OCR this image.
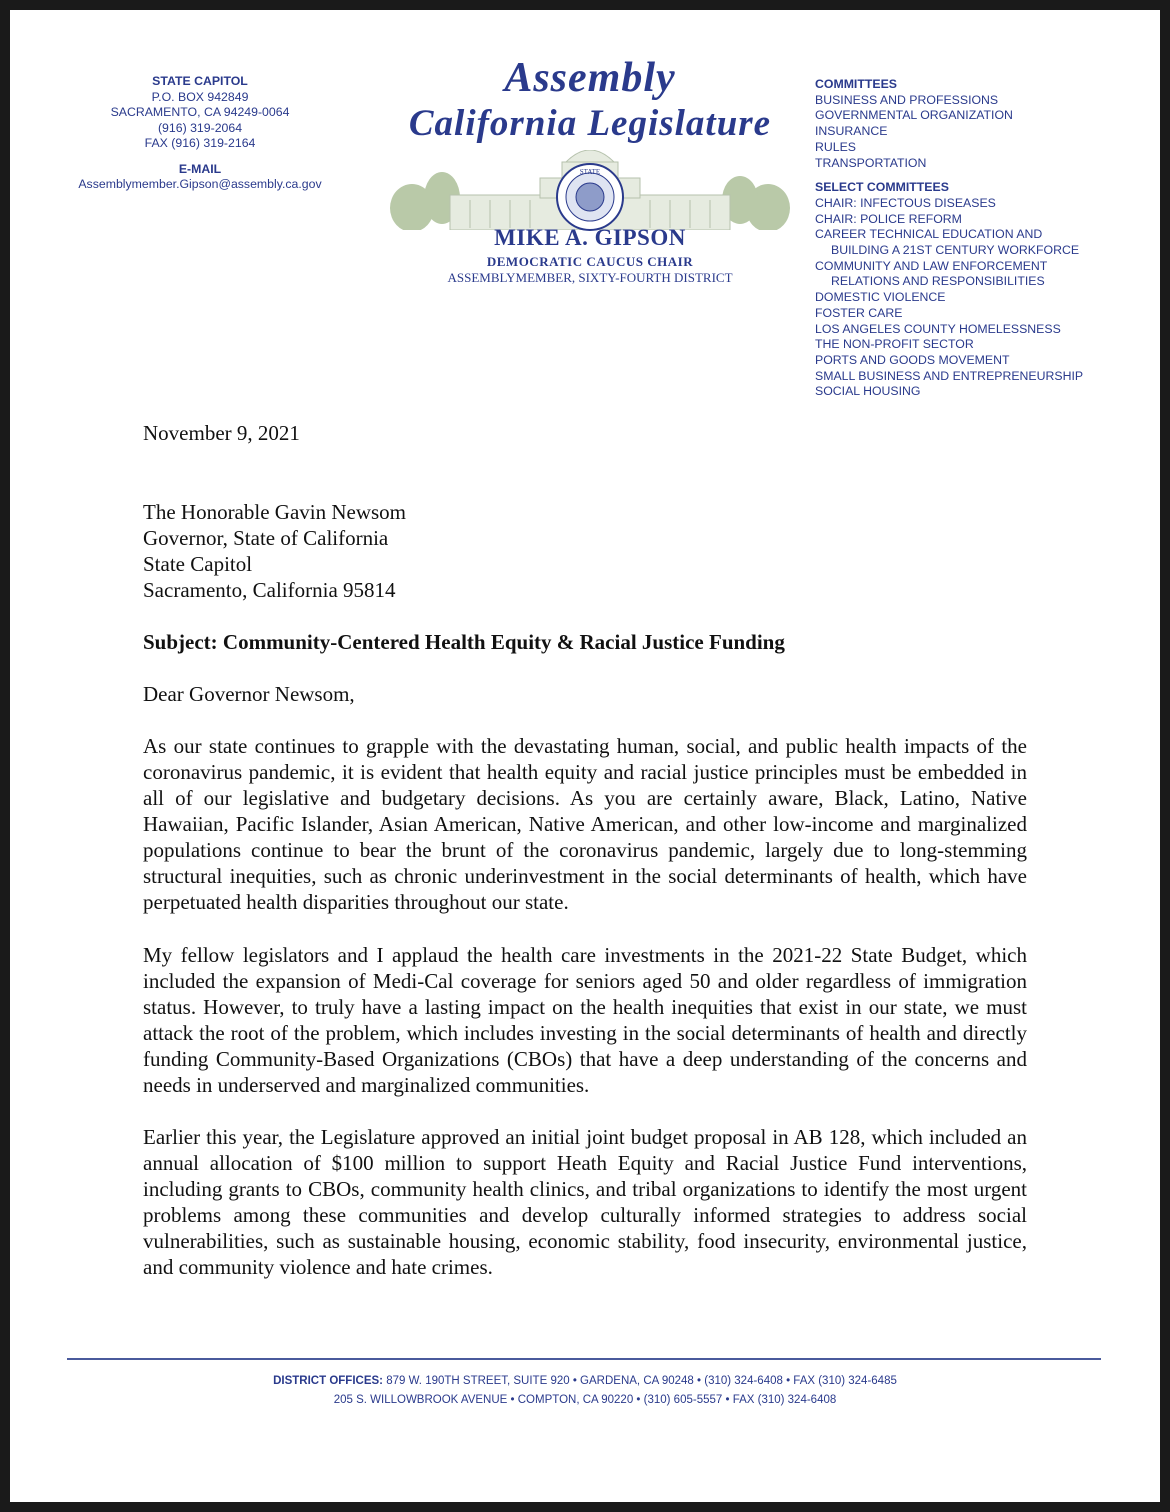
STATE CAPITOL
P.O. BOX 942849
SACRAMENTO, CA 94249-0064
(916) 319-2064
FAX (916) 319-2164
E-MAIL
Assemblymember.Gipson@assembly.ca.gov
Assembly
California Legislature
STATE
MIKE A. GIPSON
DEMOCRATIC CAUCUS CHAIR
ASSEMBLYMEMBER, SIXTY-FOURTH DISTRICT
COMMITTEES
BUSINESS AND PROFESSIONS
GOVERNMENTAL ORGANIZATION
INSURANCE
RULES
TRANSPORTATION
SELECT COMMITTEES
CHAIR: INFECTOUS DISEASES
CHAIR: POLICE REFORM
CAREER TECHNICAL EDUCATION AND
BUILDING A 21ST CENTURY WORKFORCE
COMMUNITY AND LAW ENFORCEMENT
RELATIONS AND RESPONSIBILITIES
DOMESTIC VIOLENCE
FOSTER CARE
LOS ANGELES COUNTY HOMELESSNESS
THE NON-PROFIT SECTOR
PORTS AND GOODS MOVEMENT
SMALL BUSINESS AND ENTREPRENEURSHIP
SOCIAL HOUSING
November 9, 2021
The Honorable Gavin Newsom
Governor, State of California
State Capitol
Sacramento, California 95814
Subject: Community-Centered Health Equity & Racial Justice Funding
Dear Governor Newsom,
As our state continues to grapple with the devastating human, social, and public health impacts of the coronavirus pandemic, it is evident that health equity and racial justice principles must be embedded in all of our legislative and budgetary decisions. As you are certainly aware, Black, Latino, Native Hawaiian, Pacific Islander, Asian American, Native American, and other low-income and marginalized populations continue to bear the brunt of the coronavirus pandemic, largely due to long-stemming structural inequities, such as chronic underinvestment in the social determinants of health, which have perpetuated health disparities throughout our state.
My fellow legislators and I applaud the health care investments in the 2021-22 State Budget, which included the expansion of Medi-Cal coverage for seniors aged 50 and older regardless of immigration status. However, to truly have a lasting impact on the health inequities that exist in our state, we must attack the root of the problem, which includes investing in the social determinants of health and directly funding Community-Based Organizations (CBOs) that have a deep understanding of the concerns and needs in underserved and marginalized communities.
Earlier this year, the Legislature approved an initial joint budget proposal in AB 128, which included an annual allocation of $100 million to support Heath Equity and Racial Justice Fund interventions, including grants to CBOs, community health clinics, and tribal organizations to identify the most urgent problems among these communities and develop culturally informed strategies to address social vulnerabilities, such as sustainable housing, economic stability, food insecurity, environmental justice, and community violence and hate crimes.
DISTRICT OFFICES: 879 W. 190TH STREET, SUITE 920 • GARDENA, CA 90248 • (310) 324-6408 • FAX (310) 324-6485
205 S. WILLOWBROOK AVENUE • COMPTON, CA 90220 • (310) 605-5557 • FAX (310) 324-6408
